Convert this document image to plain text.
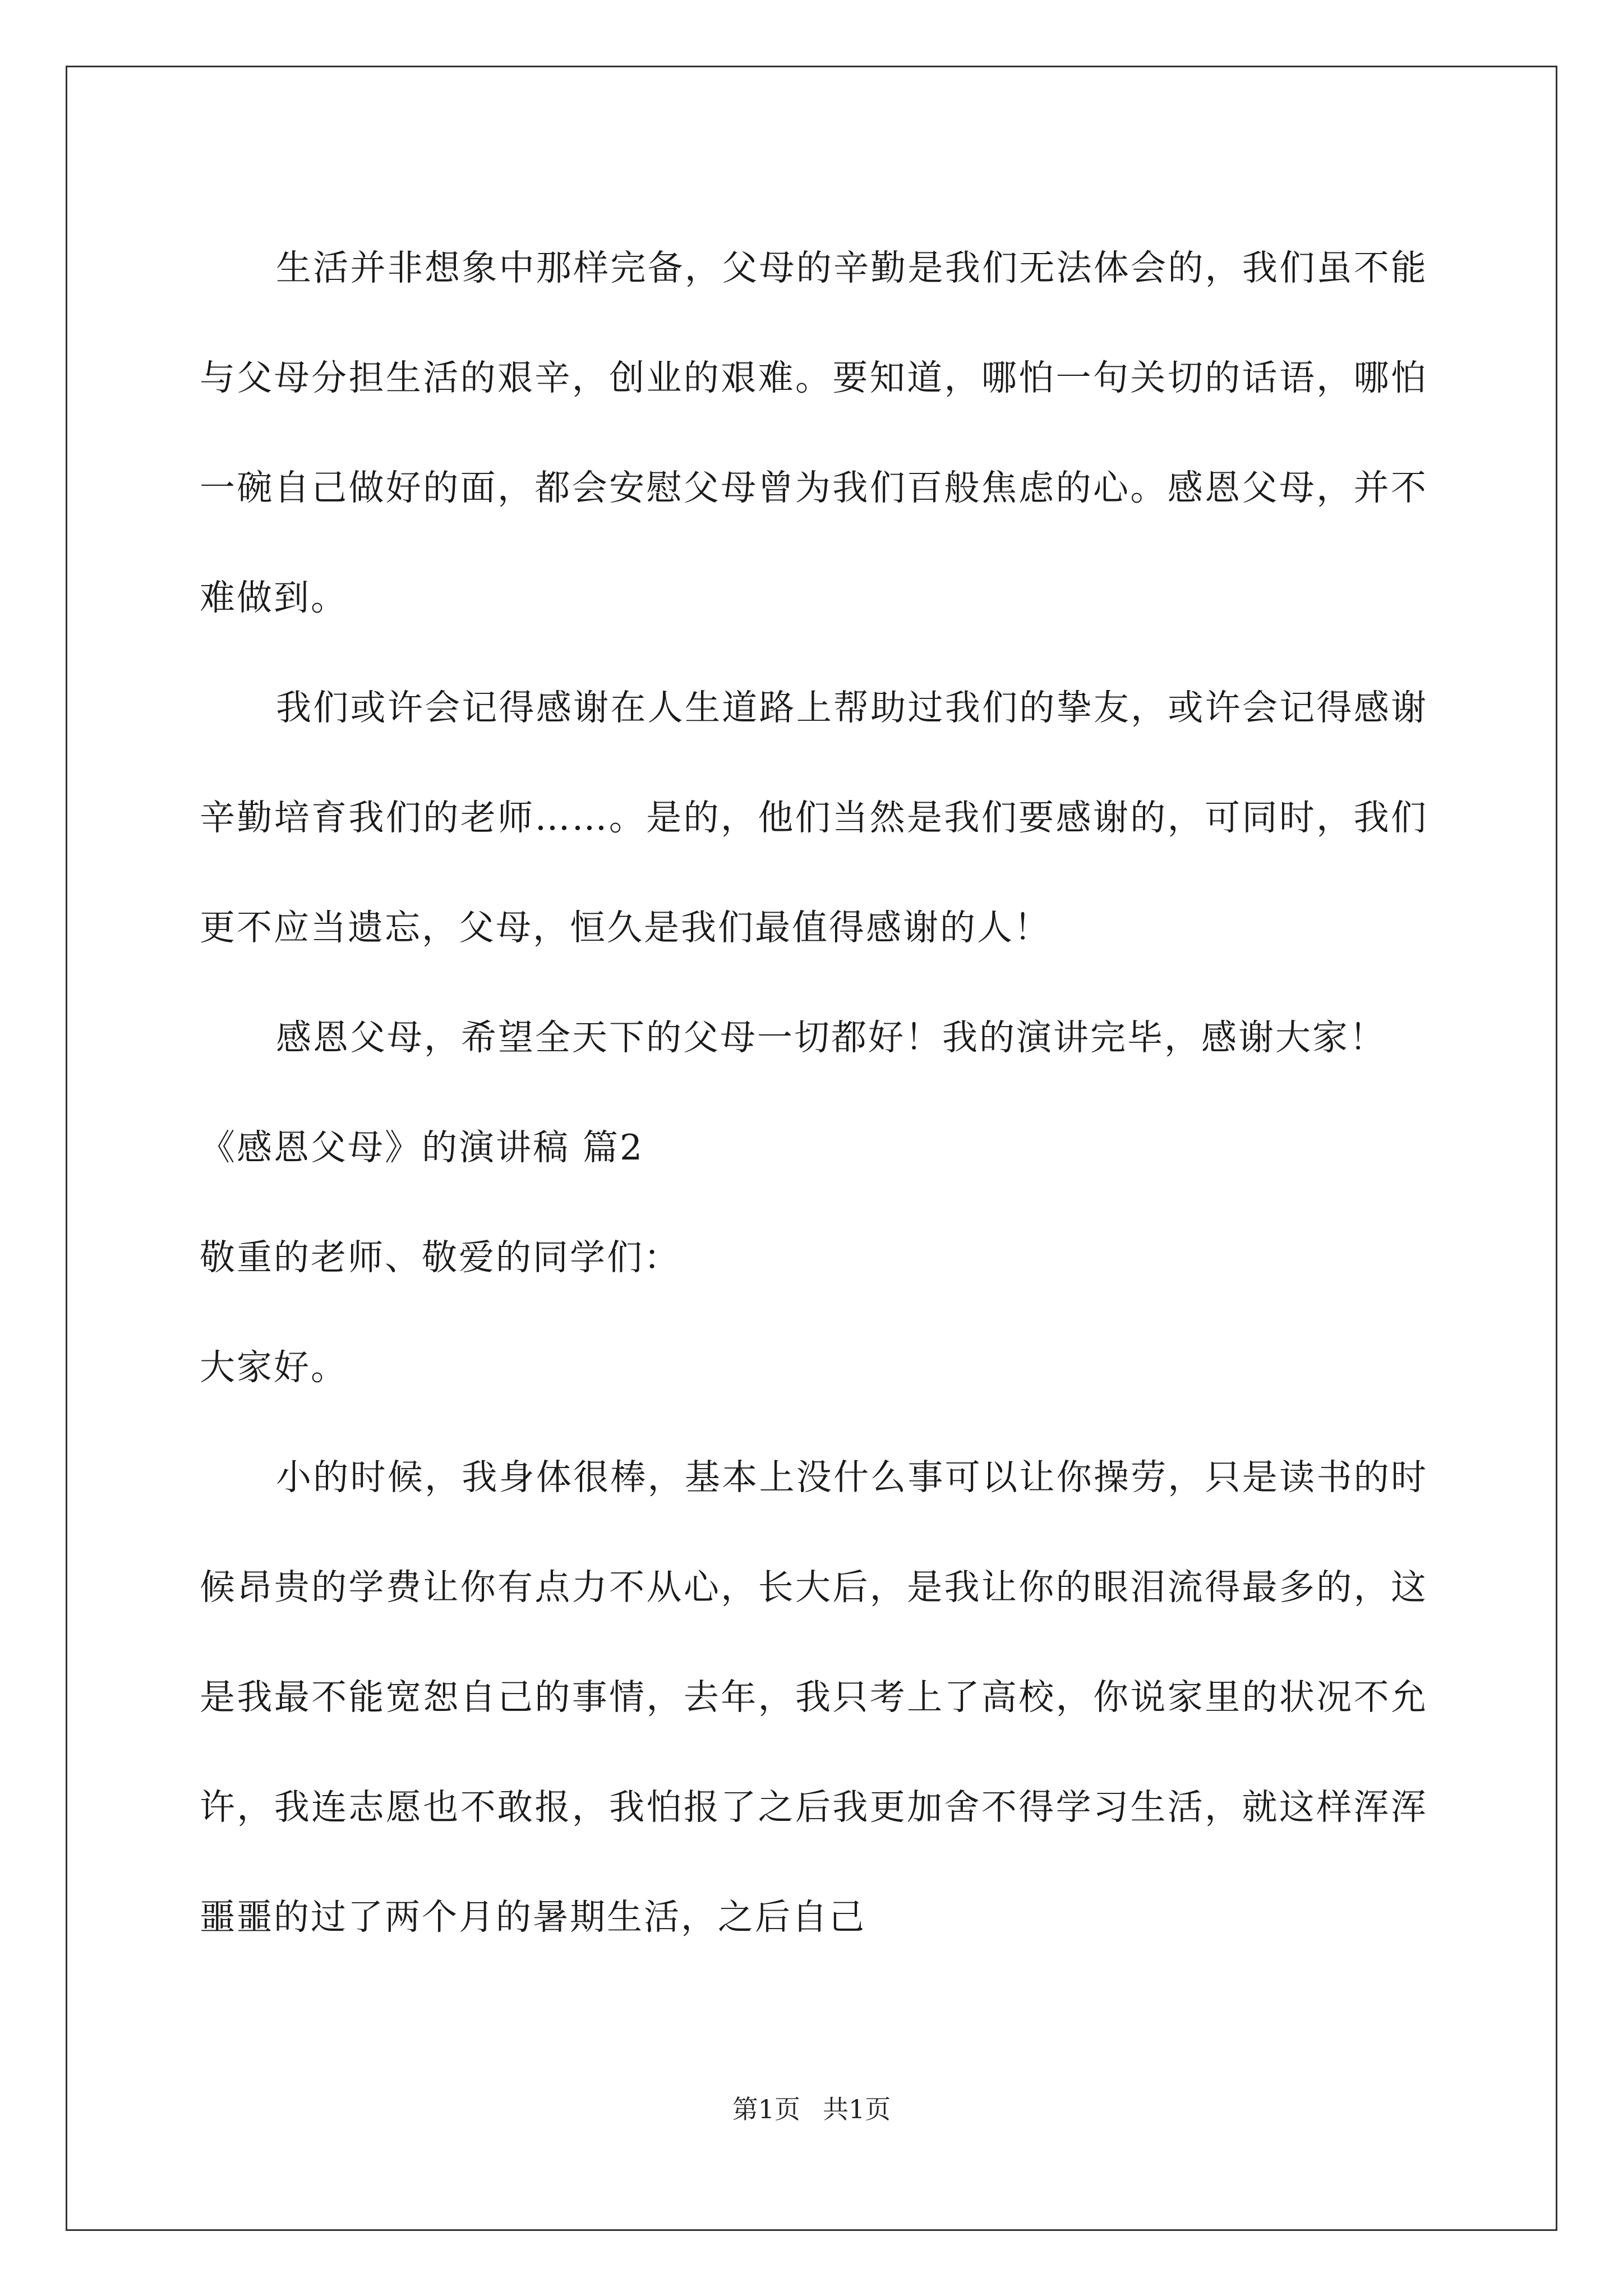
生活并非想象中那样完备，父母的辛勤是我们无法体会的，我们虽不能与父母分担生活的艰辛，创业的艰难。要知道，哪怕一句关切的话语，哪怕一碗自己做好的面，都会安慰父母曾为我们百般焦虑的心。感恩父母，并不难做到。

我们或许会记得感谢在人生道路上帮助过我们的挚友，或许会记得感谢辛勤培育我们的老师……。是的，他们当然是我们要感谢的，可同时，我们更不应当遗忘，父母，恒久是我们最值得感谢的人！

感恩父母，希望全天下的父母一切都好！我的演讲完毕，感谢大家！

《感恩父母》的演讲稿 篇2

敬重的老师、敬爱的同学们：

大家好。

小的时候，我身体很棒，基本上没什么事可以让你操劳，只是读书的时候昂贵的学费让你有点力不从心，长大后，是我让你的眼泪流得最多的，这是我最不能宽恕自己的事情，去年，我只考上了高校，你说家里的状况不允许，我连志愿也不敢报，我怕报了之后我更加舍不得学习生活，就这样浑浑噩噩的过了两个月的暑期生活，之后自己

第1页 共1页
